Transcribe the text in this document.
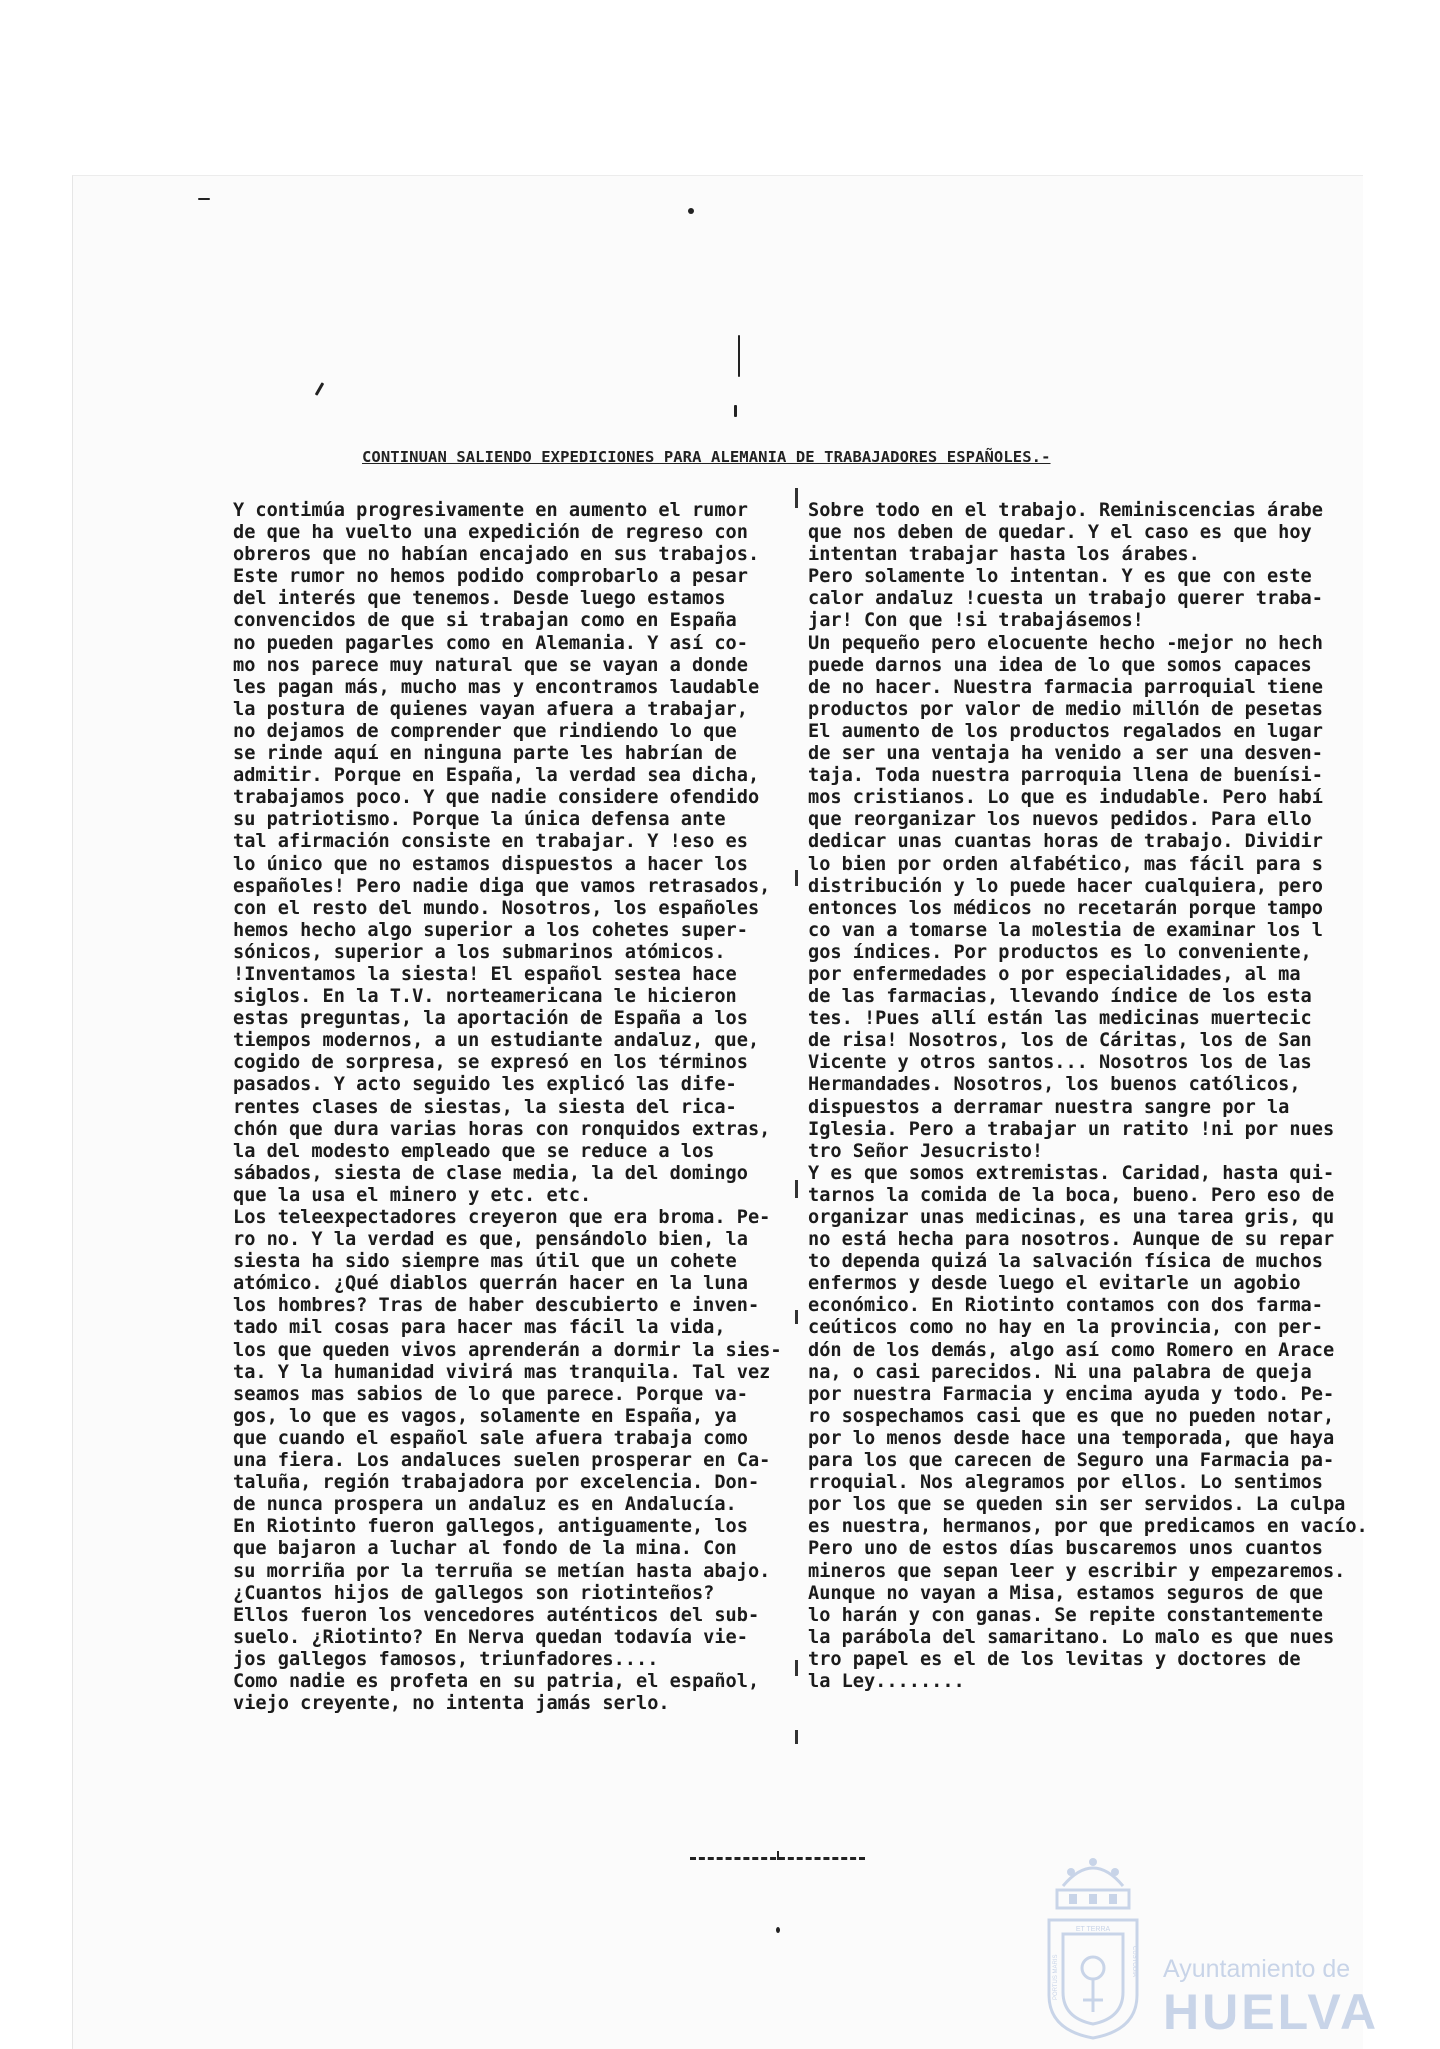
CONTINUAN SALIENDO EXPEDICIONES PARA ALEMANIA DE TRABAJADORES ESPAÑOLES.-
Y contimúa progresivamente en aumento el rumor
de que ha vuelto una expedición de regreso con
obreros que no habían encajado en sus trabajos.
Este rumor no hemos podido comprobarlo a pesar
del interés que tenemos. Desde luego estamos
convencidos de que si trabajan como en España
no pueden pagarles como en Alemania. Y así co-
mo nos parece muy natural que se vayan a donde
les pagan más, mucho mas y encontramos laudable
la postura de quienes vayan afuera a trabajar,
no dejamos de comprender que rindiendo lo que
se rinde aquí en ninguna parte les habrían de
admitir. Porque en España, la verdad sea dicha,
trabajamos poco. Y que nadie considere ofendido
su patriotismo. Porque la única defensa ante
tal afirmación consiste en trabajar. Y !eso es
lo único que no estamos dispuestos a hacer los
españoles! Pero nadie diga que vamos retrasados,
con el resto del mundo. Nosotros, los españoles
hemos hecho algo superior a los cohetes super-
sónicos, superior a los submarinos atómicos.
!Inventamos la siesta! El español sestea hace
siglos. En la T.V. norteamericana le hicieron
estas preguntas, la aportación de España a los
tiempos modernos, a un estudiante andaluz, que,
cogido de sorpresa, se expresó en los términos
pasados. Y acto seguido les explicó las dife-
rentes clases de siestas, la siesta del rica-
chón que dura varias horas con ronquidos extras,
la del modesto empleado que se reduce a los
sábados, siesta de clase media, la del domingo
que la usa el minero y etc. etc.
Los teleexpectadores creyeron que era broma. Pe-
ro no. Y la verdad es que, pensándolo bien, la
siesta ha sido siempre mas útil que un cohete
atómico. ¿Qué diablos querrán hacer en la luna
los hombres? Tras de haber descubierto e inven-
tado mil cosas para hacer mas fácil la vida,
los que queden vivos aprenderán a dormir la sies-
ta. Y la humanidad vivirá mas tranquila. Tal vez
seamos mas sabios de lo que parece. Porque va-
gos, lo que es vagos, solamente en España, ya
que cuando el español sale afuera trabaja como
una fiera. Los andaluces suelen prosperar en Ca-
taluña, región trabajadora por excelencia. Don-
de nunca prospera un andaluz es en Andalucía.
En Riotinto fueron gallegos, antiguamente, los
que bajaron a luchar al fondo de la mina. Con
su morriña por la terruña se metían hasta abajo.
¿Cuantos hijos de gallegos son riotinteños?
Ellos fueron los vencedores auténticos del sub-
suelo. ¿Riotinto? En Nerva quedan todavía vie-
jos gallegos famosos, triunfadores....
Como nadie es profeta en su patria, el español,
viejo creyente, no intenta jamás serlo.
Sobre todo en el trabajo. Reminiscencias árabe
que nos deben de quedar. Y el caso es que hoy
intentan trabajar hasta los árabes.
Pero solamente lo intentan. Y es que con este
calor andaluz !cuesta un trabajo querer traba-
jar! Con que !si trabajásemos!
Un pequeño pero elocuente hecho -mejor no hech
puede darnos una idea de lo que somos capaces
de no hacer. Nuestra farmacia parroquial tiene
productos por valor de medio millón de pesetas
El aumento de los productos regalados en lugar
de ser una ventaja ha venido a ser una desven-
taja. Toda nuestra parroquia llena de buenísi-
mos cristianos. Lo que es indudable. Pero habí
que reorganizar los nuevos pedidos. Para ello
dedicar unas cuantas horas de trabajo. Dividir
lo bien por orden alfabético, mas fácil para s
distribución y lo puede hacer cualquiera, pero
entonces los médicos no recetarán porque tampo
co van a tomarse la molestia de examinar los l
gos índices. Por productos es lo conveniente,
por enfermedades o por especialidades, al ma
de las farmacias, llevando índice de los esta
tes. !Pues allí están las medicinas muertecic
de risa! Nosotros, los de Cáritas, los de San
Vicente y otros santos... Nosotros los de las
Hermandades. Nosotros, los buenos católicos,
dispuestos a derramar nuestra sangre por la
Iglesia. Pero a trabajar un ratito !ni por nues
tro Señor Jesucristo!
Y es que somos extremistas. Caridad, hasta qui-
tarnos la comida de la boca, bueno. Pero eso de
organizar unas medicinas, es una tarea gris, qu
no está hecha para nosotros. Aunque de su repar
to dependa quizá la salvación física de muchos
enfermos y desde luego el evitarle un agobio
económico. En Riotinto contamos con dos farma-
ceúticos como no hay en la provincia, con per-
dón de los demás, algo así como Romero en Arace
na, o casi parecidos. Ni una palabra de queja
por nuestra Farmacia y encima ayuda y todo. Pe-
ro sospechamos casi que es que no pueden notar,
por lo menos desde hace una temporada, que haya
para los que carecen de Seguro una Farmacia pa-
rroquial. Nos alegramos por ellos. Lo sentimos
por los que se queden sin ser servidos. La culpa
es nuestra, hermanos, por que predicamos en vacío.
Pero uno de estos días buscaremos unos cuantos
mineros que sepan leer y escribir y empezaremos.
Aunque no vayan a Misa, estamos seguros de que
lo harán y con ganas. Se repite constantemente
la parábola del samaritano. Lo malo es que nues
tro papel es el de los levitas y doctores de
la Ley........
ET TERRA
PORTUS MARIS	CUSTODIA Ayuntamiento de
HUELVA
